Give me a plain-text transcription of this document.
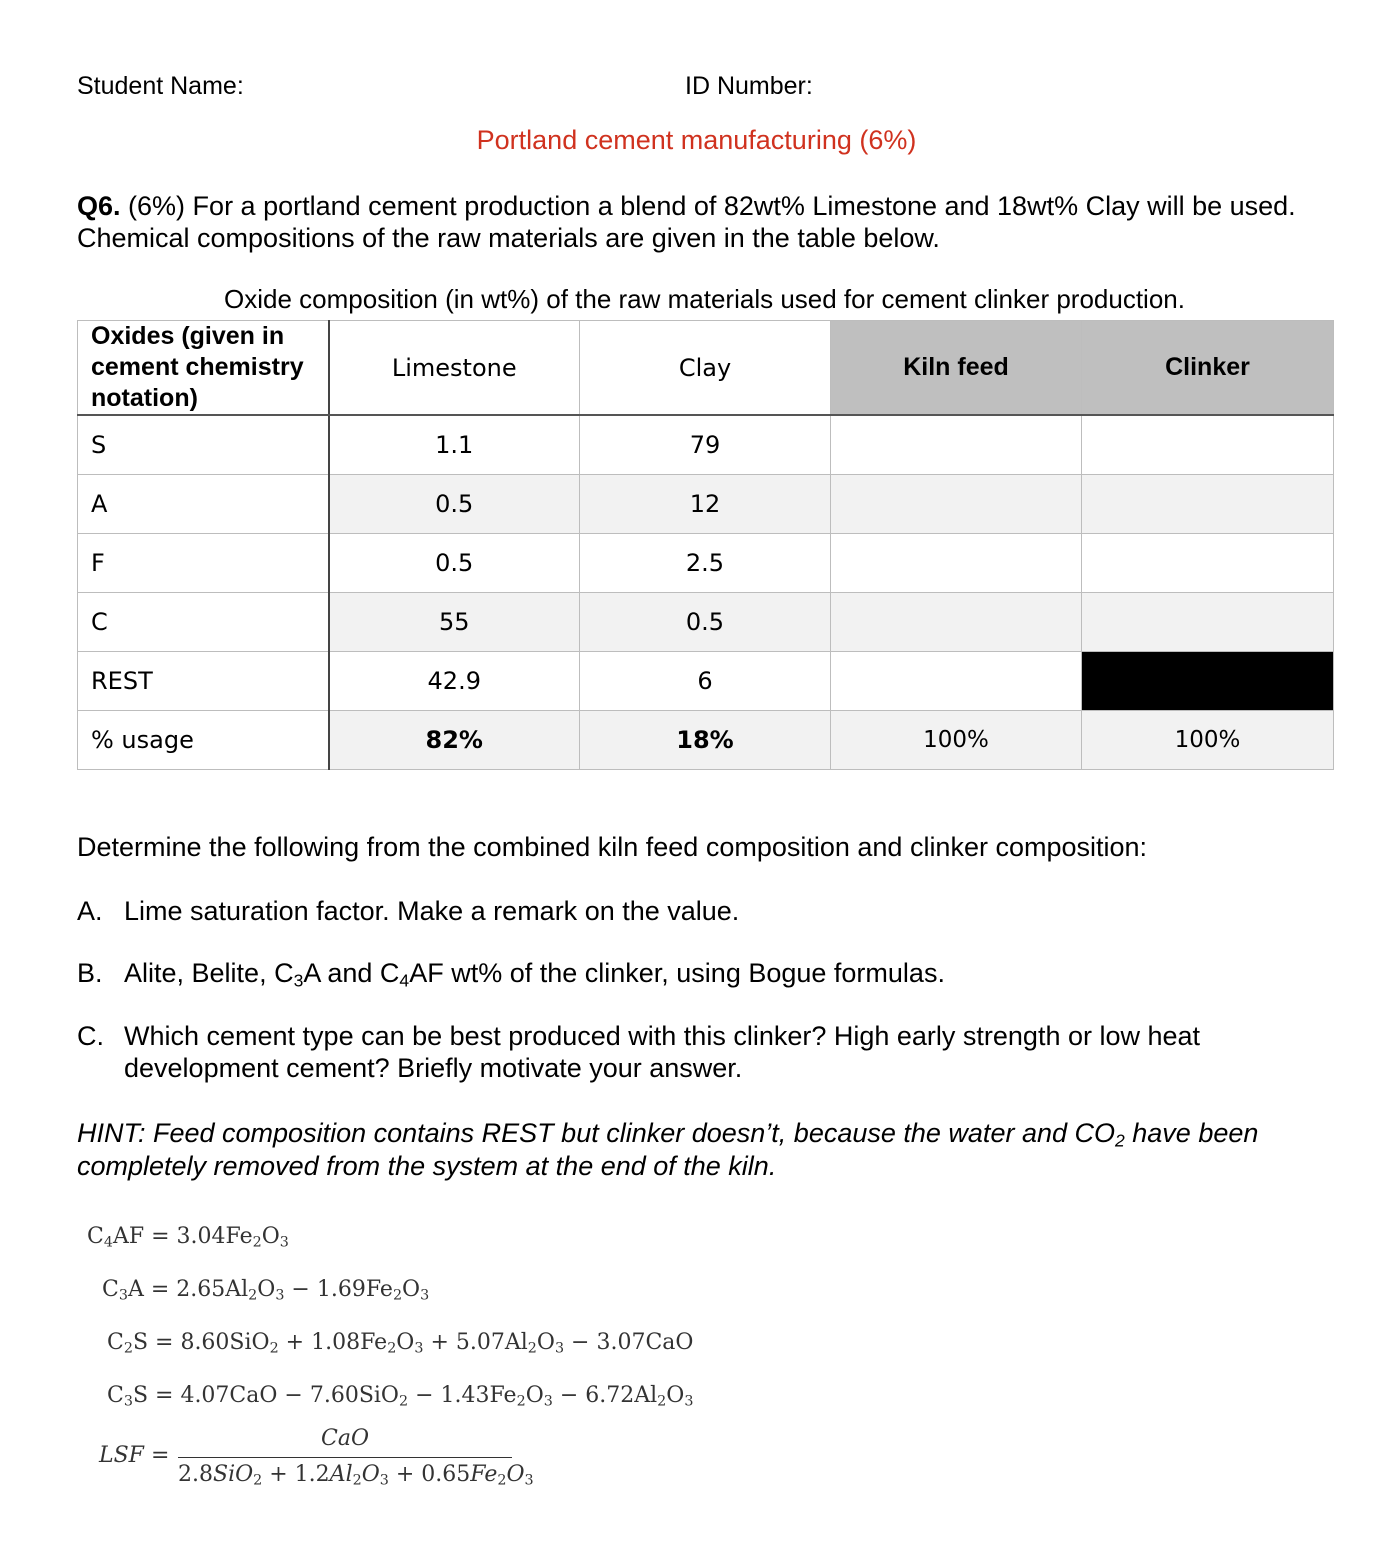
Student Name:	ID Number:
Portland cement manufacturing (6%)
Q6. (6%) For a portland cement production a blend of 82wt% Limestone and 18wt% Clay will be used. Chemical compositions of the raw materials are given in the table below.
Oxide composition (in wt%) of the raw materials used for cement clinker production.
Oxides (given in
cement chemistry
notation)	Limestone	Clay	Kiln feed	Clinker
S	1.1	79		
A	0.5	12		
F	0.5	2.5		
C	55	0.5		
REST	42.9	6		
% usage	82%	18%	100%	100%
Determine the following from the combined kiln feed composition and clinker composition:
A. Lime saturation factor. Make a remark on the value.
B. Alite, Belite, $C_3A$ and $C_4AF$ wt% of the clinker, using Bogue formulas.
C. Which cement type can be best produced with this clinker? High early strength or low heat development cement? Briefly motivate your answer.
HINT: Feed composition contains REST but clinker doesn’t, because the water and $CO_2$ have been completely removed from the system at the end of the kiln.
$C_4AF = 3.04Fe_2O_3$
$C_3A = 2.65Al_2O_3 - 1.69Fe_2O_3$
$C_2S = 8.60SiO_2 + 1.08Fe_2O_3 + 5.07Al_2O_3 - 3.07CaO$
$C_3S = 4.07CaO - 7.60SiO_2 - 1.43Fe_2O_3 - 6.72Al_2O_3$
LSF =
CaO
$2.8SiO_2 + 1.2Al_2O_3 + 0.65Fe_2O_3$
